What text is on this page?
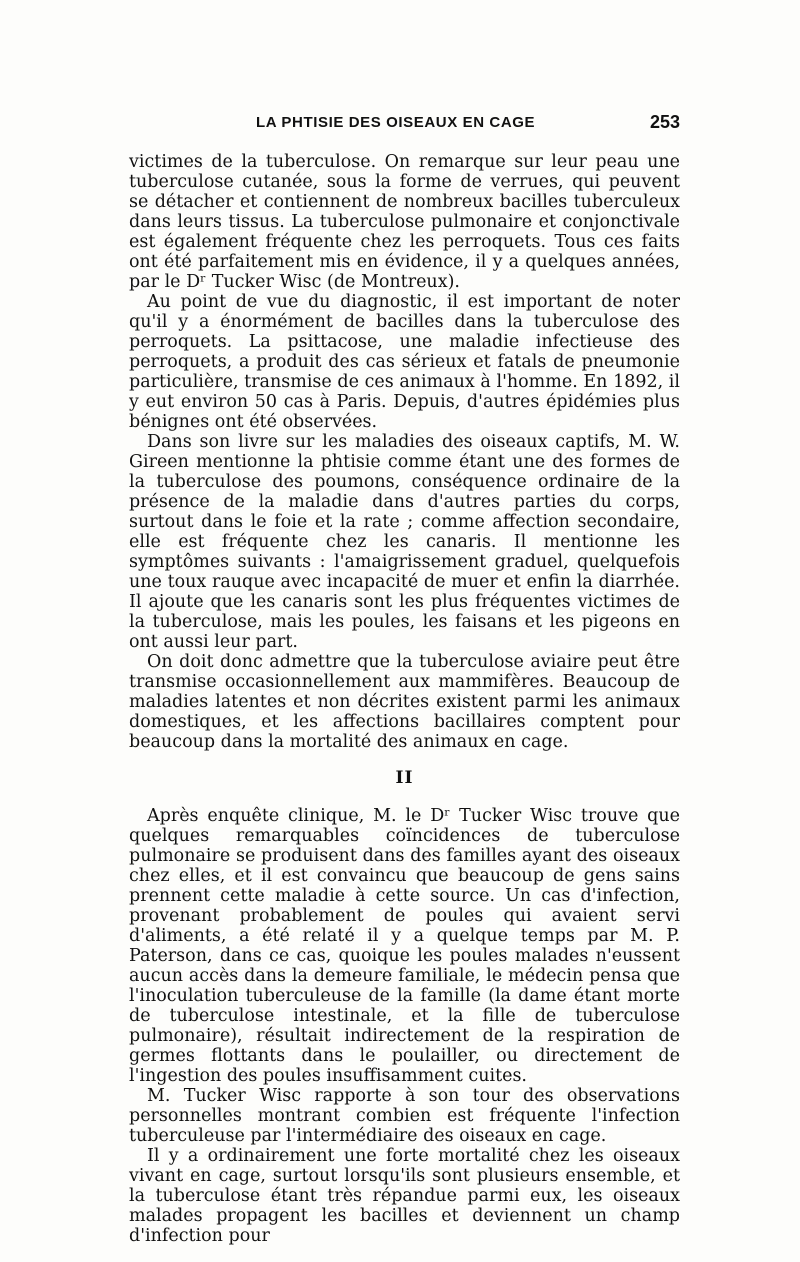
LA PHTISIE DES OISEAUX EN CAGE	253

victimes de la tuberculose. On remarque sur leur peau une tuberculose cutanée, sous la forme de verrues, qui peuvent se détacher et contiennent de nombreux bacilles tuberculeux dans leurs tissus. La tuberculose pulmonaire et conjonctivale est également fréquente chez les perroquets. Tous ces faits ont été parfaitement mis en évidence, il y a quelques années, par le Dʳ Tucker Wisc (de Montreux).

Au point de vue du diagnostic, il est important de noter qu'il y a énormément de bacilles dans la tuberculose des perroquets. La psittacose, une maladie infectieuse des perroquets, a produit des cas sérieux et fatals de pneumonie particulière, transmise de ces animaux à l'homme. En 1892, il y eut environ 50 cas à Paris. Depuis, d'autres épidémies plus bénignes ont été observées.

Dans son livre sur les maladies des oiseaux captifs, M. W. Gireen mentionne la phtisie comme étant une des formes de la tuberculose des poumons, conséquence ordinaire de la présence de la maladie dans d'autres parties du corps, surtout dans le foie et la rate ; comme affection secondaire, elle est fréquente chez les canaris. Il mentionne les symptômes suivants : l'amaigrissement graduel, quelquefois une toux rauque avec incapacité de muer et enfin la diarrhée. Il ajoute que les canaris sont les plus fréquentes victimes de la tuberculose, mais les poules, les faisans et les pigeons en ont aussi leur part.

On doit donc admettre que la tuberculose aviaire peut être transmise occasionnellement aux mammifères. Beaucoup de maladies latentes et non décrites existent parmi les animaux domestiques, et les affections bacillaires comptent pour beaucoup dans la mortalité des animaux en cage.

II

Après enquête clinique, M. le Dʳ Tucker Wisc trouve que quelques remarquables coïncidences de tuberculose pulmonaire se produisent dans des familles ayant des oiseaux chez elles, et il est convaincu que beaucoup de gens sains prennent cette maladie à cette source. Un cas d'infection, provenant probablement de poules qui avaient servi d'aliments, a été relaté il y a quelque temps par M. P. Paterson, dans ce cas, quoique les poules malades n'eussent aucun accès dans la demeure familiale, le médecin pensa que l'inoculation tuberculeuse de la famille (la dame étant morte de tuberculose intestinale, et la fille de tuberculose pulmonaire), résultait indirectement de la respiration de germes flottants dans le poulailler, ou directement de l'ingestion des poules insuffisamment cuites.

M. Tucker Wisc rapporte à son tour des observations personnelles montrant combien est fréquente l'infection tuberculeuse par l'intermédiaire des oiseaux en cage.

Il y a ordinairement une forte mortalité chez les oiseaux vivant en cage, surtout lorsqu'ils sont plusieurs ensemble, et la tuberculose étant très répandue parmi eux, les oiseaux malades propagent les bacilles et deviennent un champ d'infection pour
